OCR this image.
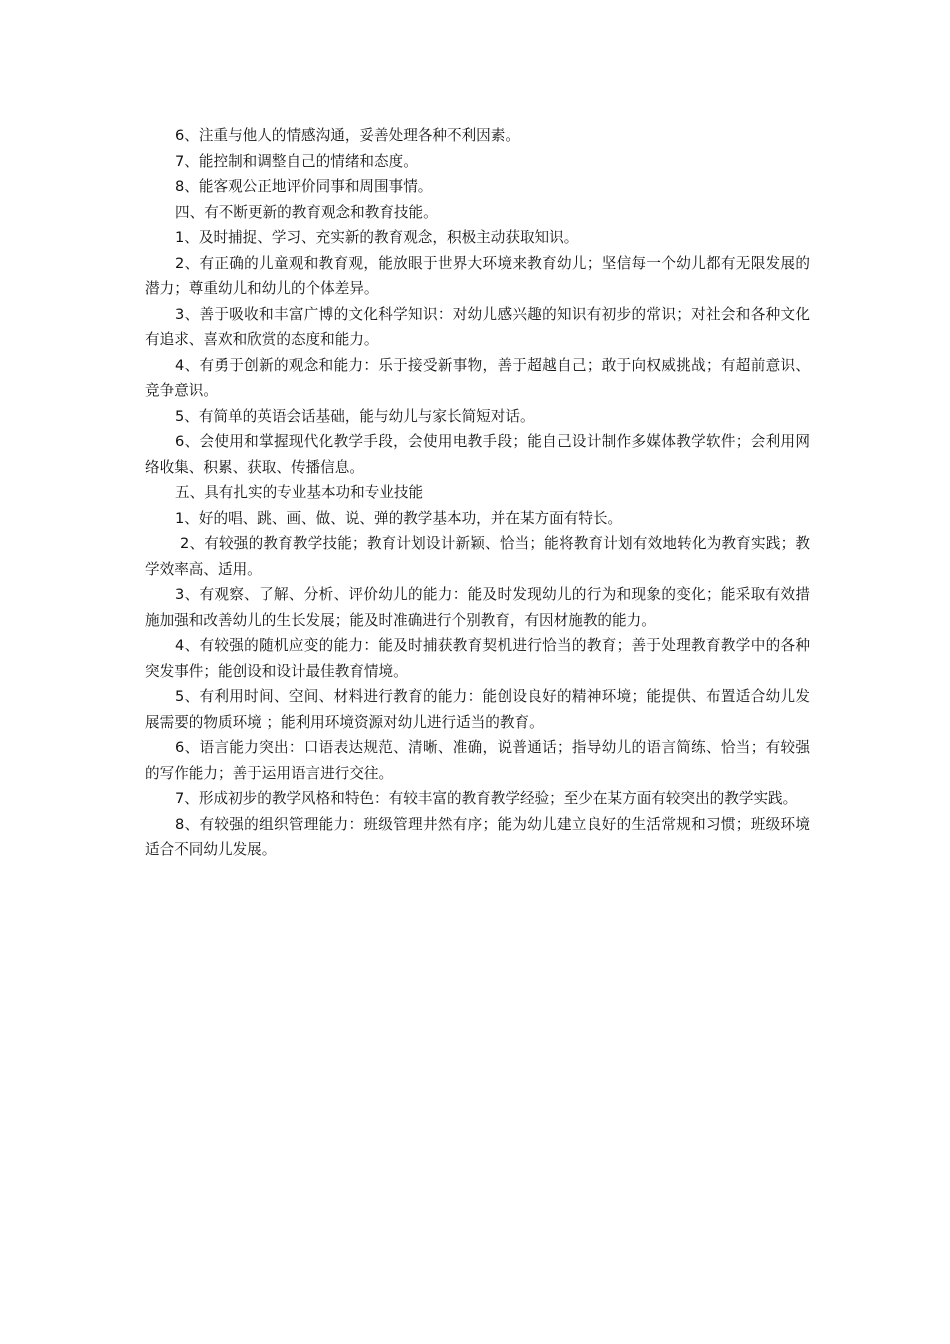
6、注重与他人的情感沟通，妥善处理各种不利因素。

7、能控制和调整自己的情绪和态度。

8、能客观公正地评价同事和周围事情。

四、有不断更新的教育观念和教育技能。

1、及时捕捉、学习、充实新的教育观念，积极主动获取知识。

2、有正确的儿童观和教育观，能放眼于世界大环境来教育幼儿；坚信每一个幼儿都有无限发展的潜力；尊重幼儿和幼儿的个体差异。

3、善于吸收和丰富广博的文化科学知识：对幼儿感兴趣的知识有初步的常识；对社会和各种文化有追求、喜欢和欣赏的态度和能力。

4、有勇于创新的观念和能力：乐于接受新事物，善于超越自己；敢于向权威挑战；有超前意识、竞争意识。

5、有简单的英语会话基础，能与幼儿与家长简短对话。

6、会使用和掌握现代化教学手段，会使用电教手段；能自己设计制作多媒体教学软件；会利用网络收集、积累、获取、传播信息。

五、具有扎实的专业基本功和专业技能

1、好的唱、跳、画、做、说、弹的教学基本功，并在某方面有特长。

2、有较强的教育教学技能；教育计划设计新颖、恰当；能将教育计划有效地转化为教育实践；教学效率高、适用。

3、有观察、了解、分析、评价幼儿的能力：能及时发现幼儿的行为和现象的变化；能采取有效措施加强和改善幼儿的生长发展；能及时准确进行个别教育，有因材施教的能力。

4、有较强的随机应变的能力：能及时捕获教育契机进行恰当的教育；善于处理教育教学中的各种突发事件；能创设和设计最佳教育情境。

5、有利用时间、空间、材料进行教育的能力：能创设良好的精神环境；能提供、布置适合幼儿发展需要的物质环境 ；能利用环境资源对幼儿进行适当的教育。

6、语言能力突出：口语表达规范、清晰、准确，说普通话；指导幼儿的语言简练、恰当；有较强的写作能力；善于运用语言进行交往。

7、形成初步的教学风格和特色：有较丰富的教育教学经验；至少在某方面有较突出的教学实践。

8、有较强的组织管理能力：班级管理井然有序；能为幼儿建立良好的生活常规和习惯；班级环境适合不同幼儿发展。
